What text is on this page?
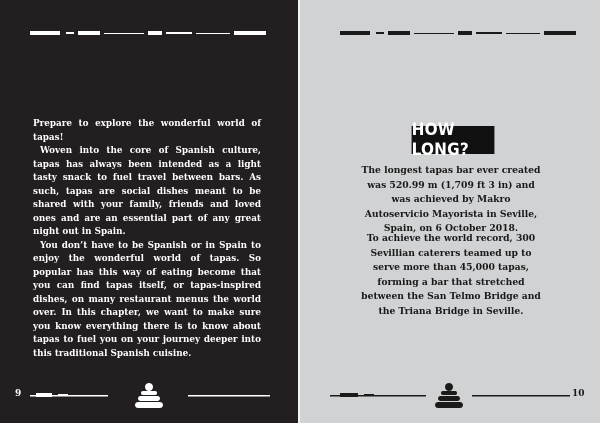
Prepare to explore the wonderful world of tapas!

Woven into the core of Spanish culture, tapas has always been intended as a light tasty snack to fuel travel between bars. As such, tapas are social dishes meant to be shared with your family, friends and loved ones and are an essential part of any great night out in Spain.

You don’t have to be Spanish or in Spain to enjoy the wonderful world of tapas. So popular has this way of eating become that you can find tapas itself, or tapas-inspired dishes, on many restaurant menus the world over. In this chapter, we want to make sure you know everything there is to know about tapas to fuel you on your journey deeper into this traditional Spanish cuisine.

9
HOW LONG?
The longest tapas bar ever created was 520.99 m (1,709 ft 3 in) and was achieved by Makro Autoservicio Mayorista in Seville, Spain, on 6 October 2018.
To achieve the world record, 300 Sevillian caterers teamed up to serve more than 45,000 tapas, forming a bar that stretched between the San Telmo Bridge and the Triana Bridge in Seville.
10
